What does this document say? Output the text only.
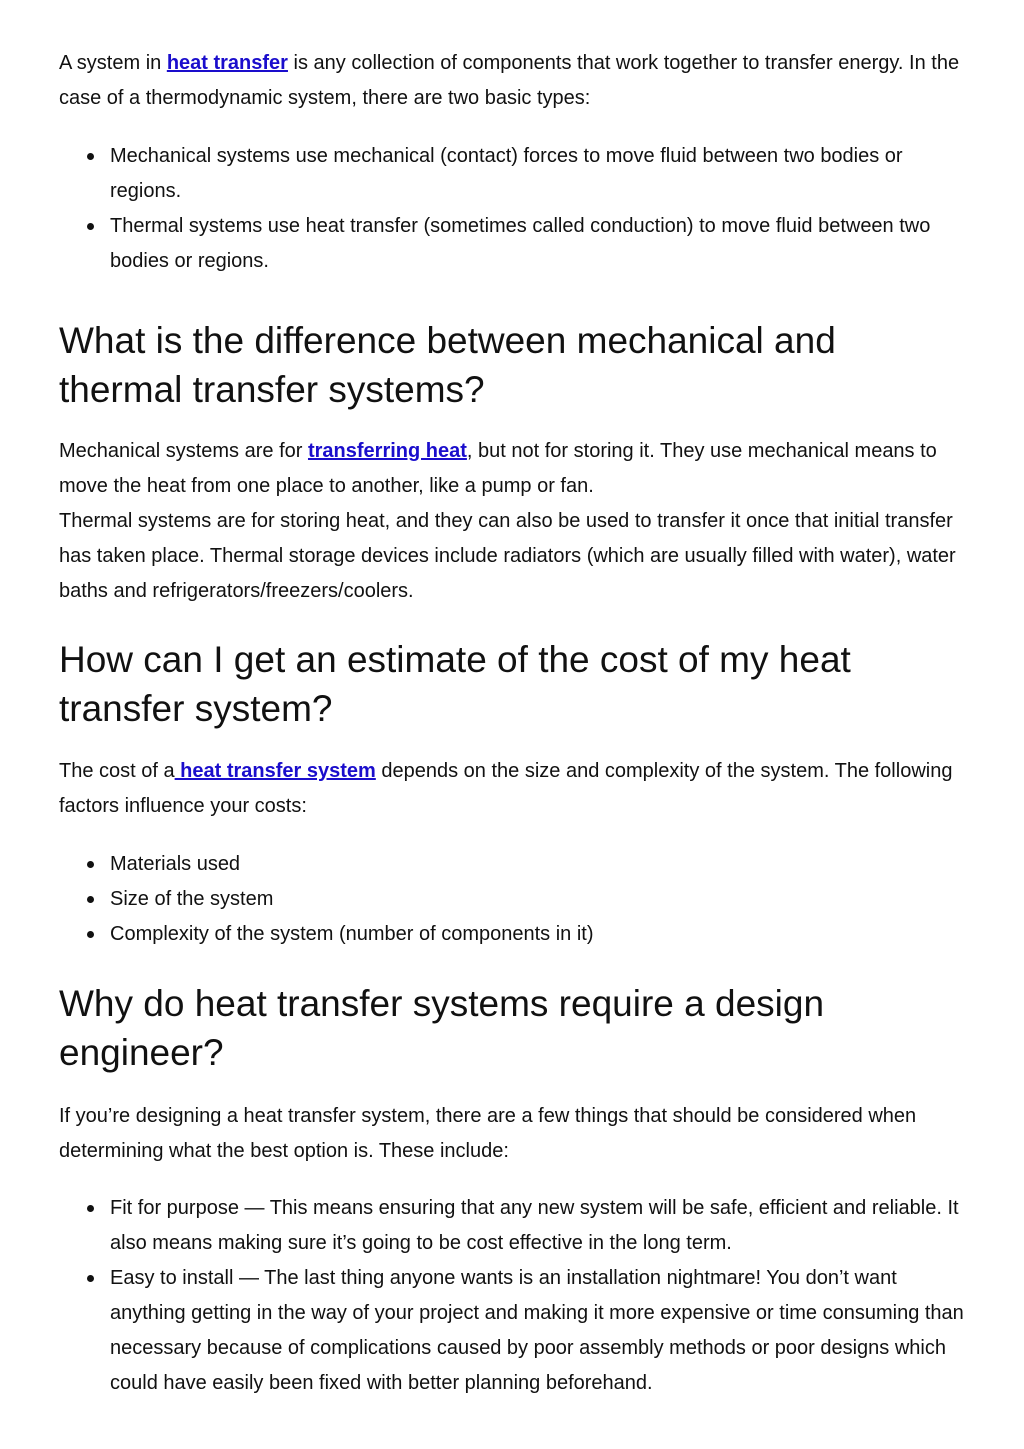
A system in heat transfer is any collection of components that work together to transfer energy. In the case of a thermodynamic system, there are two basic types:

Mechanical systems use mechanical (contact) forces to move fluid between two bodies or regions.
Thermal systems use heat transfer (sometimes called conduction) to move fluid between two bodies or regions.
What is the difference between mechanical and thermal transfer systems?

Mechanical systems are for transferring heat, but not for storing it. They use mechanical means to move the heat from one place to another, like a pump or fan.

Thermal systems are for storing heat, and they can also be used to transfer it once that initial transfer has taken place. Thermal storage devices include radiators (which are usually filled with water), water baths and refrigerators/freezers/coolers.

How can I get an estimate of the cost of my heat transfer system?

The cost of a heat transfer system depends on the size and complexity of the system. The following factors influence your costs:

Materials used
Size of the system
Complexity of the system (number of components in it)
Why do heat transfer systems require a design engineer?

If you’re designing a heat transfer system, there are a few things that should be considered when determining what the best option is. These include:

Fit for purpose — This means ensuring that any new system will be safe, efficient and reliable. It also means making sure it’s going to be cost effective in the long term.
Easy to install — The last thing anyone wants is an installation nightmare! You don’t want anything getting in the way of your project and making it more expensive or time consuming than necessary because of complications caused by poor assembly methods or poor designs which could have easily been fixed with better planning beforehand.
